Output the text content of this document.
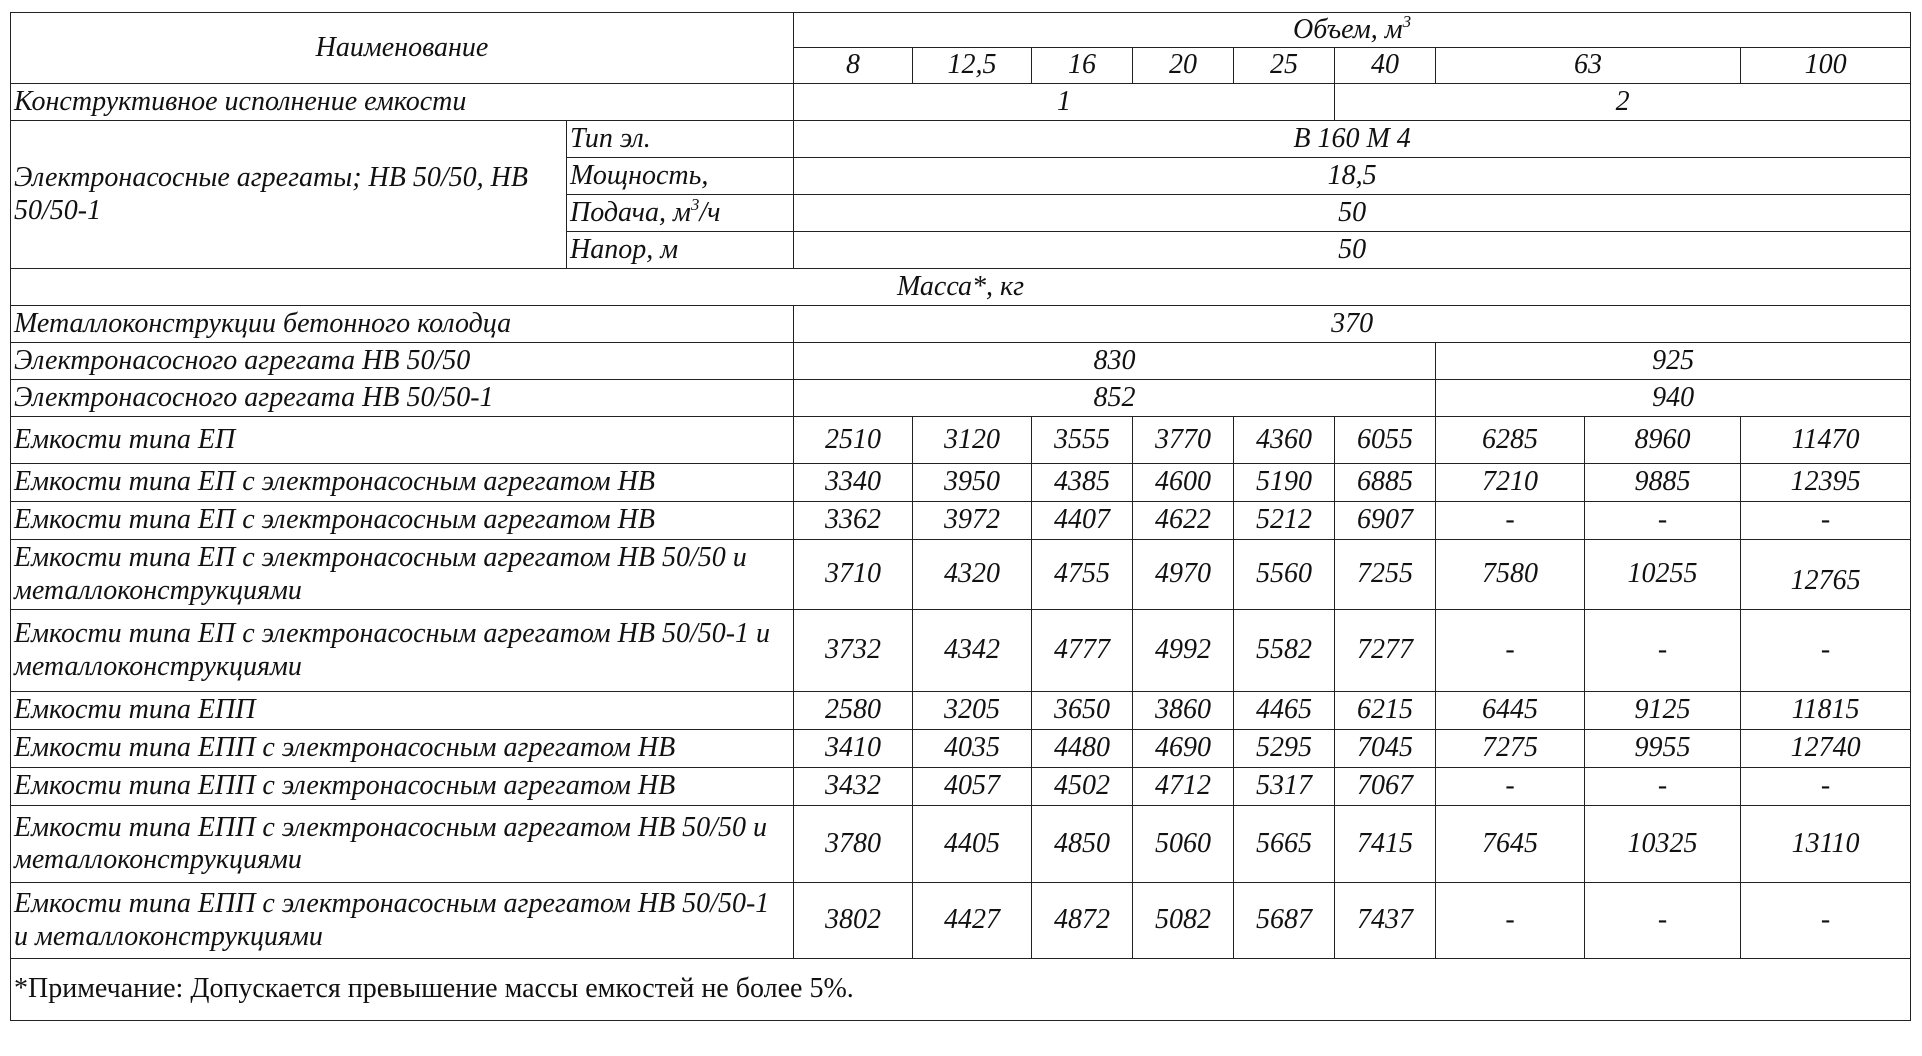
Наименование		Объем, $м^3$
		8	12,5	16	20	25	40	63		100
Конструктивное исполнение емкости		1					2			
Электронасосные агрегаты; НВ 50/50, НВ 50/50-1	Тип эл.	В 160 М 4								
	Мощность,	18,5								
	Подача, $м^3/ч$	50								
	Напор, м	50								
Масса*, кг										
Металлоконструкции бетонного колодца		370								
Электронасосного агрегата НВ 50/50		830						925		
Электронасосного агрегата НВ 50/50-1		852						940		
Емкости типа ЕП		2510	3120	3555	3770	4360	6055	6285	8960	11470
Емкости типа ЕП с электронасосным агрегатом НВ		3340	3950	4385	4600	5190	6885	7210	9885	12395
Емкости типа ЕП с электронасосным агрегатом НВ		3362	3972	4407	4622	5212	6907	-	-	-
Емкости типа ЕП с электронасосным агрегатом НВ 50/50 и металлоконструкциями		3710	4320	4755	4970	5560	7255	7580	10255	12765
Емкости типа ЕП с электронасосным агрегатом НВ 50/50-1 и металлоконструкциями		3732	4342	4777	4992	5582	7277	-	-	-
Емкости типа ЕПП		2580	3205	3650	3860	4465	6215	6445	9125	11815
Емкости типа ЕПП с электронасосным агрегатом НВ		3410	4035	4480	4690	5295	7045	7275	9955	12740
Емкости типа ЕПП с электронасосным агрегатом НВ		3432	4057	4502	4712	5317	7067	-	-	-
Емкости типа ЕПП с электронасосным агрегатом НВ 50/50 и металлоконструкциями		3780	4405	4850	5060	5665	7415	7645	10325	13110
Емкости типа ЕПП с электронасосным агрегатом НВ 50/50-1 и металлоконструкциями		3802	4427	4872	5082	5687	7437	-	-	-
*Примечание: Допускается превышение массы емкостей не более 5%.										
